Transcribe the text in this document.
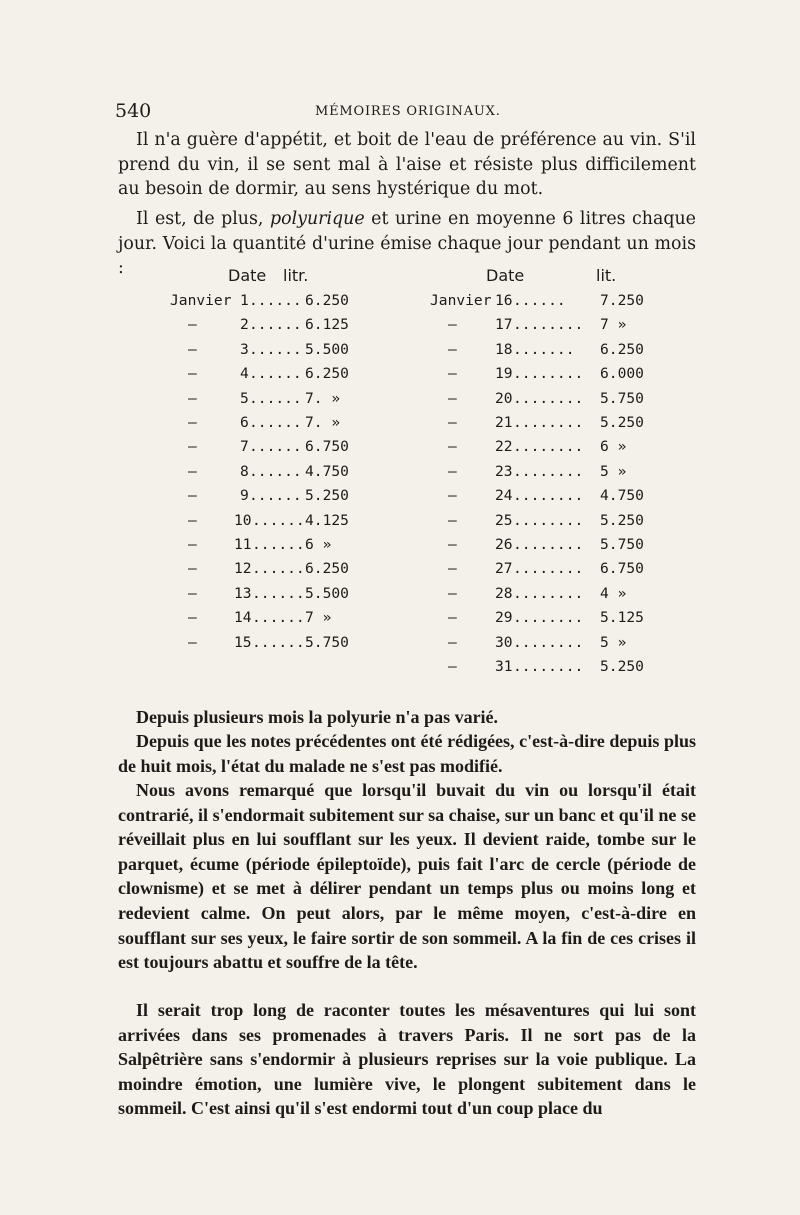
540	MÉMOIRES ORIGINAUX.

Il n'a guère d'appétit, et boit de l'eau de préférence au vin. S'il prend du vin, il se sent mal à l'aise et résiste plus difficilement au besoin de dormir, au sens hystérique du mot.

Il est, de plus, polyurique et urine en moyenne 6 litres chaque jour. Voici la quantité d'urine émise chaque jour pendant un mois :	Date litr.	Date	lit.
Janvier 1 ...... 6.250
—	2 ...... 6.125
—	3 ...... 5.500
—	4 ...... 6.250
—	5 ...... 7. »
—	6 ...... 7. »
—	7 ...... 6.750
—	8 ...... 4.750
—	9 ...... 5.250
—	10 ...... 4.125
—	11 ...... 6 »
—	12 ...... 6.250
—	13 ...... 5.500
—	14 ...... 7 »
—	15 ...... 5.750
Janvier 16 ...... 7.250
—	17 ........ 7 »
—	18 ....... 6.250
—	19 ........ 6.000
—	20 ........ 5.750
—	21 ........ 5.250
—	22 ........ 6 »
—	23 ........ 5 »
—	24 ........ 4.750
—	25 ........ 5.250
—	26 ........ 5.750
—	27 ........ 6.750
—	28 ........ 4 »
—	29 ........ 5.125
—	30 ........ 5 »
—	31 ........ 5.250

Depuis plusieurs mois la polyurie n'a pas varié.

Depuis que les notes précédentes ont été rédigées, c'est-à-dire depuis plus de huit mois, l'état du malade ne s'est pas modifié.

Nous avons remarqué que lorsqu'il buvait du vin ou lorsqu'il était contrarié, il s'endormait subitement sur sa chaise, sur un banc et qu'il ne se réveillait plus en lui soufflant sur les yeux. Il devient raide, tombe sur le parquet, écume (période épileptoïde), puis fait l'arc de cercle (période de clownisme) et se met à délirer pendant un temps plus ou moins long et redevient calme. On peut alors, par le même moyen, c'est-à-dire en soufflant sur ses yeux, le faire sortir de son sommeil. A la fin de ces crises il est toujours abattu et souffre de la tête.

Il serait trop long de raconter toutes les mésaventures qui lui sont arrivées dans ses promenades à travers Paris. Il ne sort pas de la Salpêtrière sans s'endormir à plusieurs reprises sur la voie publique. La moindre émotion, une lumière vive, le plongent subitement dans le sommeil. C'est ainsi qu'il s'est endormi tout d'un coup place du
